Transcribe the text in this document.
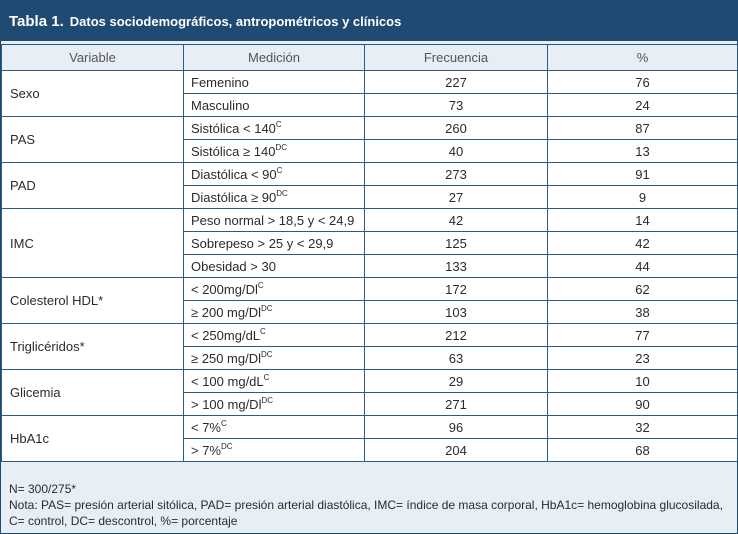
Tabla 1. Datos sociodemográficos, antropométricos y clínicos
Variable	Medición	Frecuencia	%
Sexo	Femenino	227	76
	Masculino	73	24
PAS	Sistólica < $140^C$	260	87
	Sistólica ≥ $140^{DC}$	40	13
PAD	Diastólica < $90^C$	273	91
	Diastólica ≥ $90^{DC}$	27	9
IMC	Peso normal > 18,5 y < 24,9	42	14
	Sobrepeso > 25 y < 29,9	125	42
	Obesidad > 30	133	44
Colesterol HDL*	< $200mg/Dl^C$	172	62
	≥ 200 $mg/Dl^{DC}$	103	38
Triglicéridos*	< $250mg/dL^C$	212	77
	≥ 250 $mg/Dl^{DC}$	63	23
Glicemia	< 100 $mg/dL^C$	29	10
	> 100 $mg/Dl^{DC}$	271	90
HbA1c	< 7%$^C$	96	32
	> 7%$^{DC}$	204	68
N= 300/275*
Nota: PAS= presión arterial sitólica, PAD= presión arterial diastólica, IMC= índice de masa corporal, HbA1c= hemoglobina glucosilada,
C= control, DC= descontrol, %= porcentaje
